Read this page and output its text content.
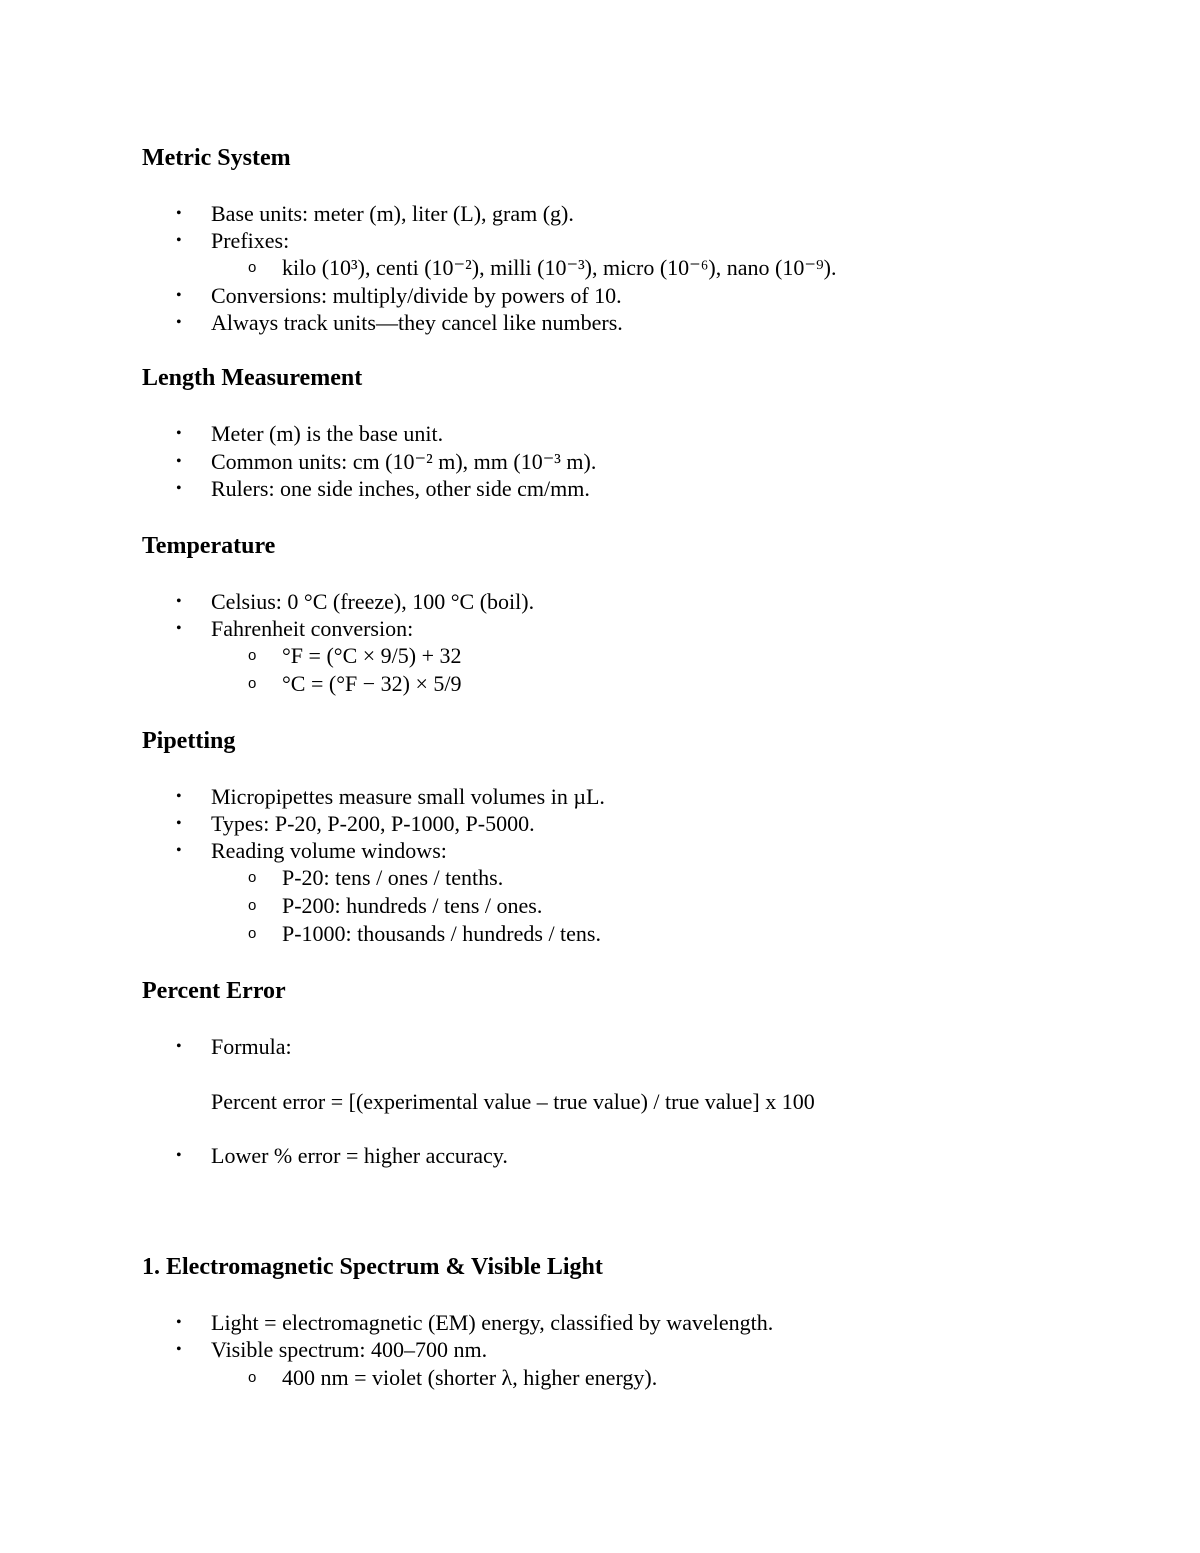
Metric System
• Base units: meter (m), liter (L), gram (g).
• Prefixes:
o kilo (10³), centi (10⁻²), milli (10⁻³), micro (10⁻⁶), nano (10⁻⁹).
• Conversions: multiply/divide by powers of 10.
• Always track units—they cancel like numbers.
Length Measurement
• Meter (m) is the base unit.
• Common units: cm (10⁻² m), mm (10⁻³ m).
• Rulers: one side inches, other side cm/mm.
Temperature
• Celsius: 0 °C (freeze), 100 °C (boil).
• Fahrenheit conversion:
o °F = (°C × 9/5) + 32
o °C = (°F − 32) × 5/9
Pipetting
• Micropipettes measure small volumes in µL.
• Types: P-20, P-200, P-1000, P-5000.
• Reading volume windows:
o P-20: tens / ones / tenths.
o P-200: hundreds / tens / ones.
o P-1000: thousands / hundreds / tens.
Percent Error
• Formula:
Percent error = [(experimental value – true value) / true value] x 100
• Lower % error = higher accuracy.
1. Electromagnetic Spectrum & Visible Light
• Light = electromagnetic (EM) energy, classified by wavelength.
• Visible spectrum: 400–700 nm.
o 400 nm = violet (shorter λ, higher energy).
